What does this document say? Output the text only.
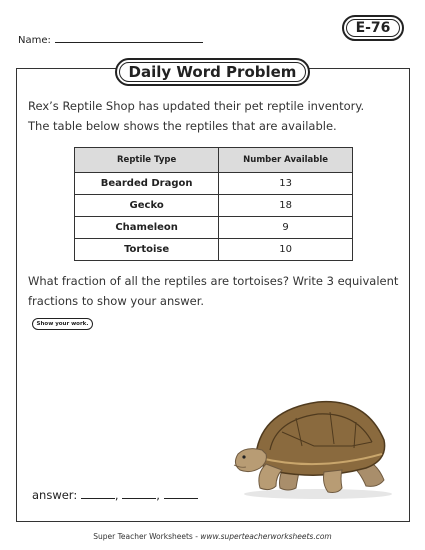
Name:
E-76
Daily Word Problem
Rex’s Reptile Shop has updated their pet reptile inventory.
The table below shows the reptiles that are available.
Reptile Type	Number Available
Bearded Dragon	13
Gecko	18
Chameleon	9
Tortoise	10
What fraction of all the reptiles are tortoises? Write 3 equivalent
fractions to show your answer.
Show your work.
answer:	,	,
Super Teacher Worksheets - www.superteacherworksheets.com
